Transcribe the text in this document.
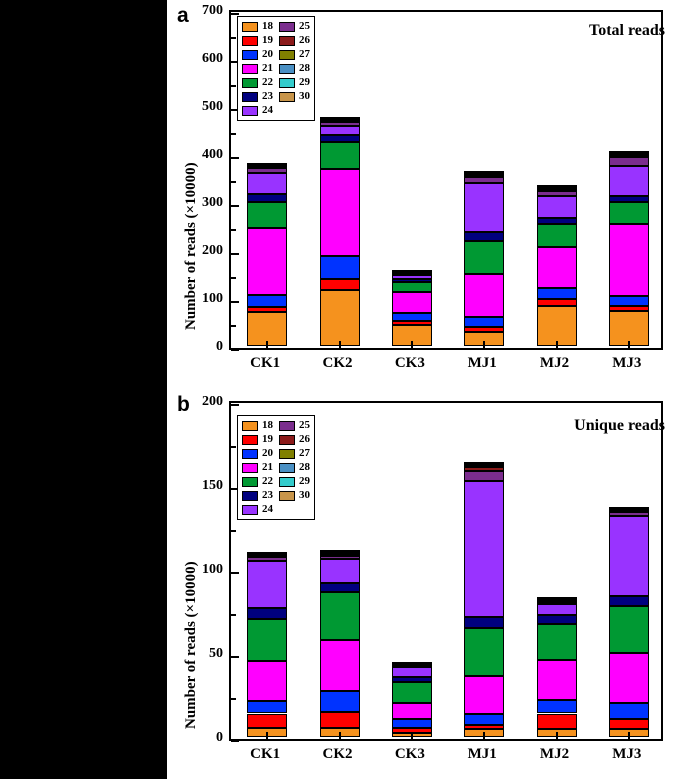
a
Total reads
Number of reads (×10000)
18
19
20
21
22
23
24
25
26
27
28
29
30
0
100
200
300
400
500
600
700
CK1	CK2	CK3	MJ1	MJ2	MJ3
b
Unique reads
Number of reads (×10000)
18
19
20
21
22
23
24
25
26
27
28
29
30
0
50
100
150
200
CK1	CK2	CK3	MJ1	MJ2	MJ3
